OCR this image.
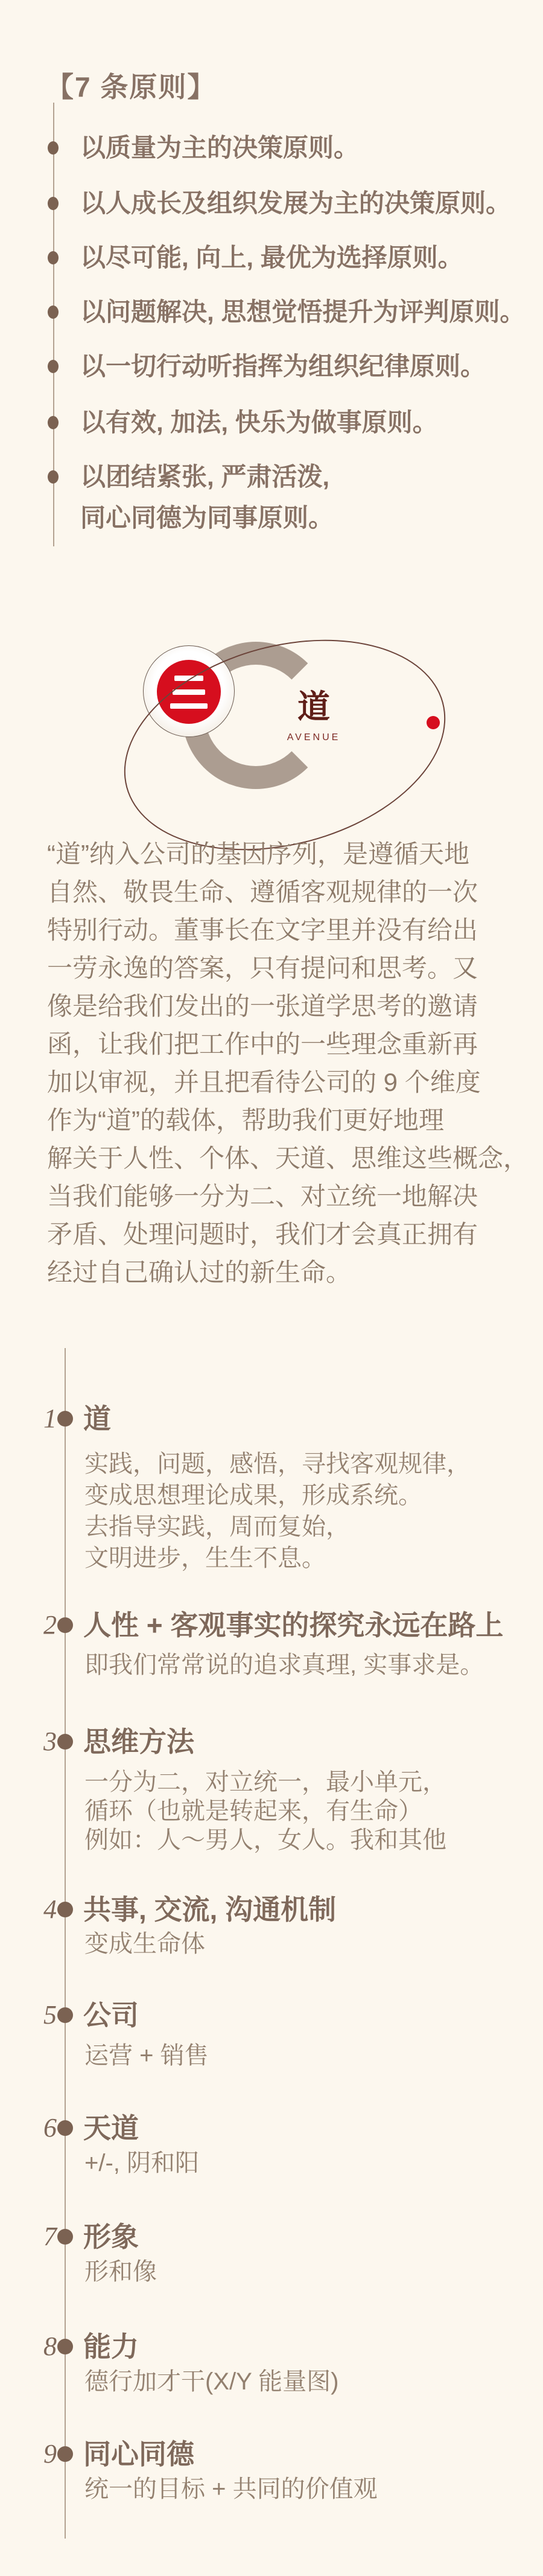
【7 条原则】
以质量为主的决策原则。
以人成长及组织发展为主的决策原则。
以尽可能, 向上, 最优为选择原则。
以问题解决, 思想觉悟提升为评判原则。
以一切行动听指挥为组织纪律原则。
以有效, 加法, 快乐为做事原则。
以团结紧张, 严肃活泼,
同心同德为同事原则。
道
AVENUE
“道”纳入公司的基因序列，是遵循天地
自然、敬畏生命、遵循客观规律的一次
特别行动。董事长在文字里并没有给出
一劳永逸的答案，只有提问和思考。又
像是给我们发出的一张道学思考的邀请
函，让我们把工作中的一些理念重新再
加以审视，并且把看待公司的 9 个维度
作为“道”的载体，帮助我们更好地理
解关于人性、个体、天道、思维这些概念，
当我们能够一分为二、对立统一地解决
矛盾、处理问题时，我们才会真正拥有
经过自己确认过的新生命。
1 道
实践，问题，感悟，寻找客观规律，
变成思想理论成果，形成系统。
去指导实践，周而复始，
文明进步，生生不息。
2 人性 + 客观事实的探究永远在路上
即我们常常说的追求真理, 实事求是。
3 思维方法
一分为二，对立统一，最小单元，
循环（也就是转起来，有生命）
例如：人～男人，女人。我和其他
4 共事, 交流, 沟通机制
变成生命体
5 公司
运营 + 销售
6 天道
+/-, 阴和阳
7 形象
形和像
8 能力
德行加才干(X/Y 能量图)
9 同心同德
统一的目标 + 共同的价值观
